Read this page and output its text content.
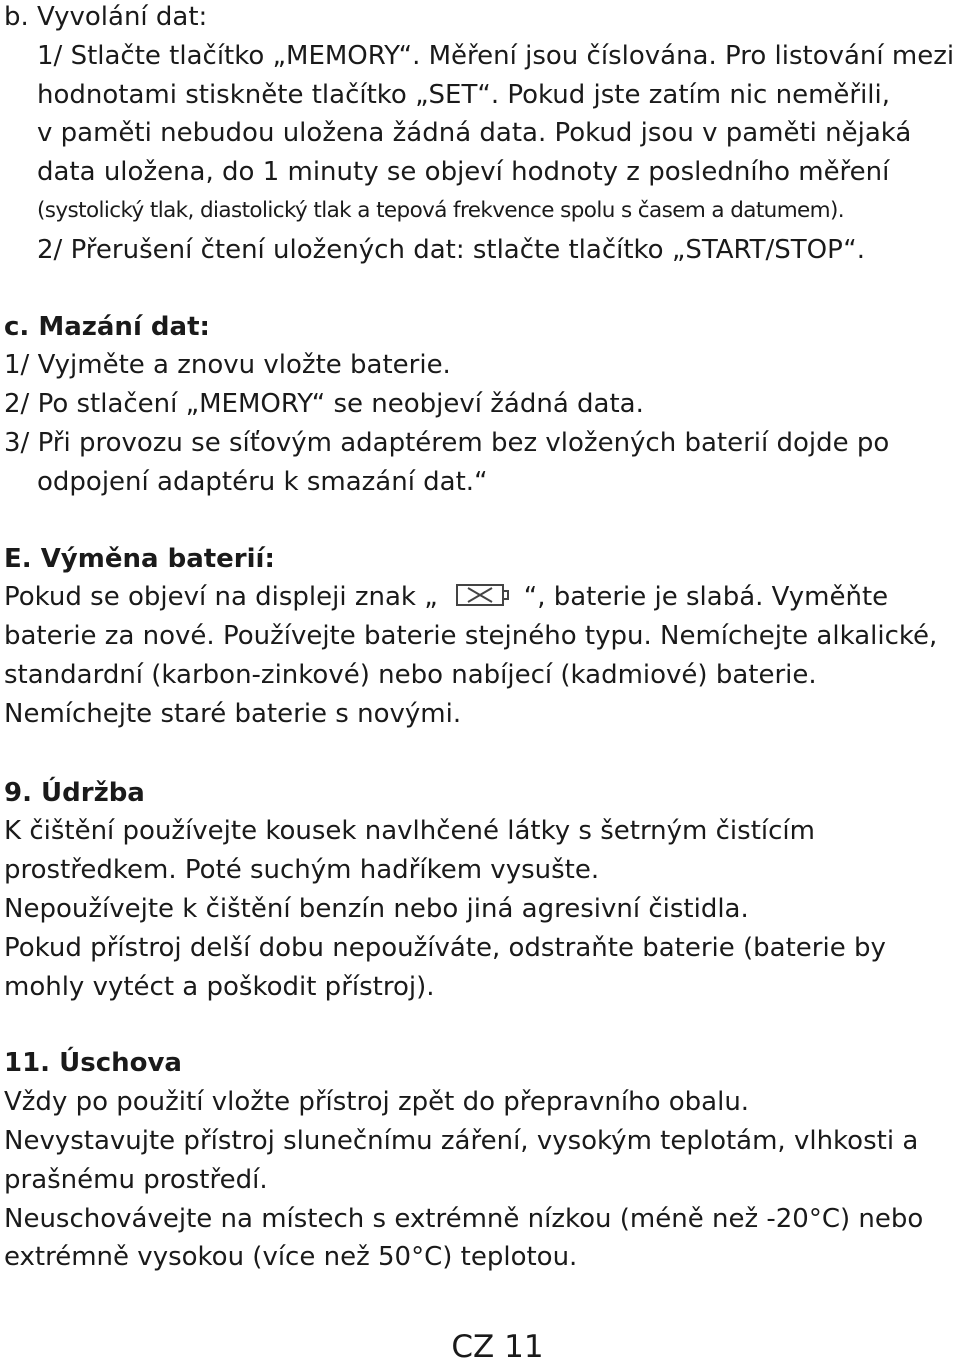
b. Vyvolání dat:
1/ Stlačte tlačítko „MEMORY“. Měření jsou číslována. Pro listování mezi
hodnotami stiskněte tlačítko „SET“. Pokud jste zatím nic neměřili,
v paměti nebudou uložena žádná data. Pokud jsou v paměti nějaká
data uložena, do 1 minuty se objeví hodnoty z posledního měření
(systolický tlak, diastolický tlak a tepová frekvence spolu s časem a datumem).
2/ Přerušení čtení uložených dat: stlačte tlačítko „START/STOP“.
c. Mazání dat:
1/ Vyjměte a znovu vložte baterie.
2/ Po stlačení „MEMORY“ se neobjeví žádná data.
3/ Při provozu se síťovým adaptérem bez vložených baterií dojde po
odpojení adaptéru k smazání dat.“
E. Výměna baterií:
Pokud se objeví na displeji znak „	“, baterie je slabá. Vyměňte
baterie za nové. Používejte baterie stejného typu. Nemíchejte alkalické,
standardní (karbon-zinkové) nebo nabíjecí (kadmiové) baterie.
Nemíchejte staré baterie s novými.
9. Údržba
K čištění používejte kousek navlhčené látky s šetrným čistícím
prostředkem. Poté suchým hadříkem vysušte.
Nepoužívejte k čištění benzín nebo jiná agresivní čistidla.
Pokud přístroj delší dobu nepoužíváte, odstraňte baterie (baterie by
mohly vytéct a poškodit přístroj).
11. Úschova
Vždy po použití vložte přístroj zpět do přepravního obalu.
Nevystavujte přístroj slunečnímu záření, vysokým teplotám, vlhkosti a
prašnému prostředí.
Neuschovávejte na místech s extrémně nízkou (méně než -20°C) nebo
extrémně vysokou (více než 50°C) teplotou.
CZ 11
